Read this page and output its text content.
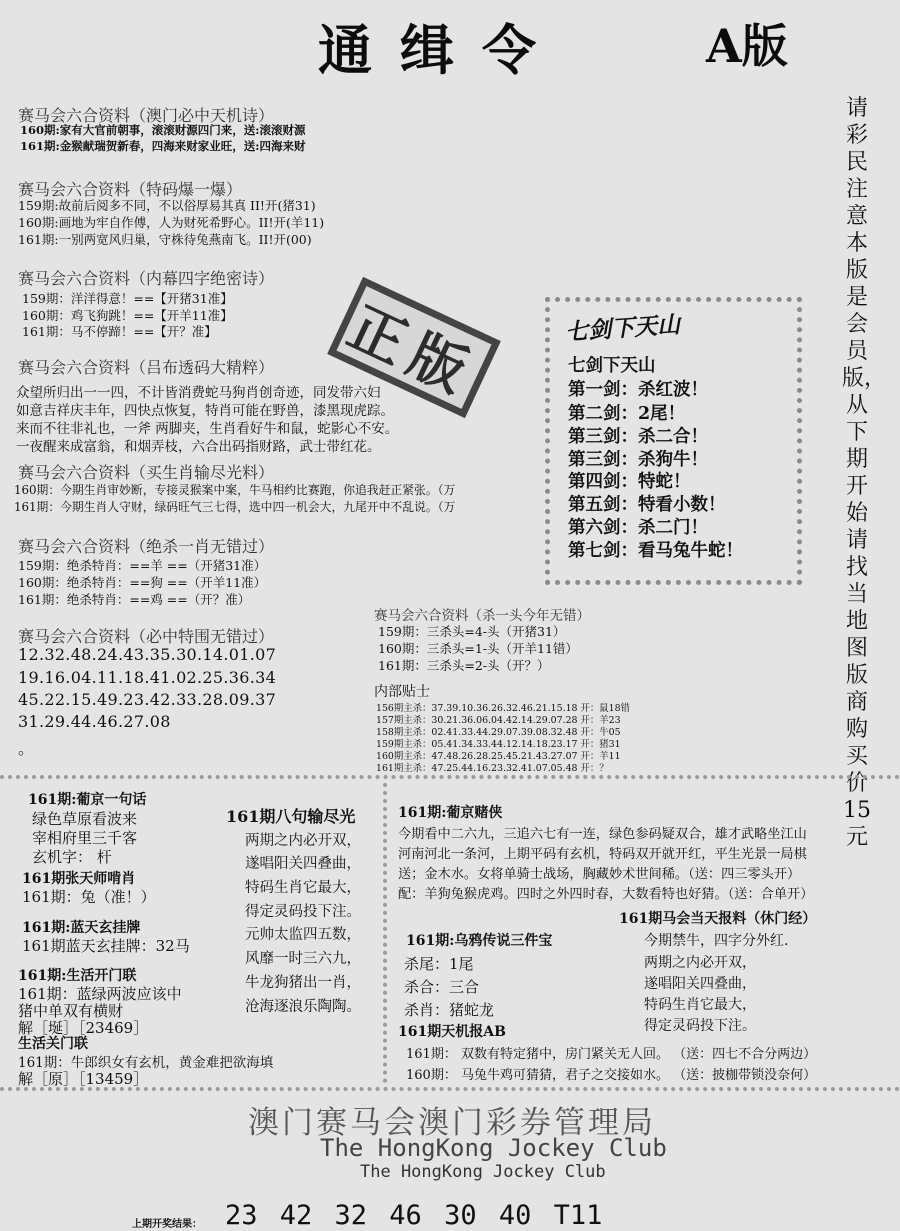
通缉令	A版
请彩民注意本版是会员版，从下期开始请找当地图版商购买价15元
赛马会六合资料（澳门必中天机诗）
160期:家有大官前朝事，滚滚财源四门来，送:滚滚财源
161期:金猴献瑞贺新春，四海来财家业旺，送:四海来财
赛马会六合资料（特码爆一爆）
159期:故前后阅多不同，不以俗厚易其真 II!开(猪31)
160期:画地为牢自作傅，人为财死希野心。II!开(羊11)
161期:一别两宽风归巢，守株待兔燕南飞。II!开(00)
赛马会六合资料（内幕四字绝密诗）
159期：洋洋得意！==【开猪31准】
160期：鸡飞狗跳！==【开羊11准】
161期：马不停蹄！==【开？准】 正版
赛马会六合资料（吕布透码大精粹）
众望所归出一一四，不计皆消费蛇马狗肖创奇迹，同发带六妇
如意吉祥庆丰年，四快点恢复，特肖可能在野兽，漆黑现虎踪。
来而不往非礼也，一斧 两脚夹，生肖看好牛和鼠，蛇影心不安。
一夜醒来成富翁，和烟弄枝，六合出码指财路，武士带红花。
赛马会六合资料（买生肖输尽光料）
160期：今期生肖审妙断，专接灵猴案中案，牛马相约比赛跑，你追我赶正紧张。（万
161期：今期生肖人守财，绿码旺气三七得，选中四一机会大，九尾开中不乱说。（万
赛马会六合资料（绝杀一肖无错过）
159期：绝杀特肖：==羊 ==（开猪31准）
160期：绝杀特肖：==狗 ==（开羊11准）
161期：绝杀特肖：==鸡 ==（开？准）
赛马会六合资料（必中特围无错过）
12.32.48.24.43.35.30.14.01.07
19.16.04.11.18.41.02.25.36.34
45.22.15.49.23.42.33.28.09.37
31.29.44.46.27.08
。
七剑下天山
七剑下天山
第一剑：杀红波！
第二剑：2尾！
第三剑：杀二合！
第三剑：杀狗牛！
第四剑：特蛇！
第五剑：特看小数！
第六剑：杀二门！
第七剑：看马兔牛蛇！
赛马会六合资料（杀一头今年无错）
159期：三杀头=4-头（开猪31）
160期：三杀头=1-头（开羊11错）
161期：三杀头=2-头（开？）
内部贴士
156期主杀：37.39.10.36.26.32.46.21.15.18 开：鼠18错
157期主杀：30.21.36.06.04.42.14.29.07.28 开：羊23
158期主杀：02.41.33.44.29.07.39.08.32.48 开：牛05
159期主杀：05.41.34.33.44.12.14.18.23.17 开：猪31
160期主杀：47.48.26.28.25.45.21.43.27.07 开：羊11
161期主杀：47.25.44.16.23.32.41.07.05.48 开：？
161期:葡京一句话
绿色草原看波来
宰相府里三千客
玄机字： 杆
161期张天师啃肖
161期：兔（准！）
161期:蓝天玄挂牌
161期蓝天玄挂牌：32马
161期:生活开门联
161期：蓝绿两波应该中
猪中单双有横财
解［埏］［23469］
生活关门联
161期：牛郎织女有玄机，黄金难把欲海填
解［原］［13459］
161期八句输尽光
两期之内必开双，
遂唱阳关四叠曲，
特码生肖它最大，
得定灵码投下注。
元帅太监四五数，
风靡一时三六九，
牛龙狗猪出一肖，
沧海逐浪乐陶陶。
161期:葡京赌侠
今期看中二六九，三追六七有一连，绿色参码疑双合，雄才武略坐江山
河南河北一条河，上期平码有玄机，特码双开就开红，平生光景一局棋
送；金木水。女将单骑士战场，胸藏妙术世间稀。（送：四三零头开）
配：羊狗兔猴虎鸡。四时之外四时春，大数看特也好猜。（送：合单开）
161期:乌鸦传说三件宝
杀尾：1尾
杀合：三合
杀肖：猪蛇龙
161期马会当天报料（休门经）
今期禁牛，四字分外红.
两期之内必开双，
遂唱阳关四叠曲，
特码生肖它最大，
得定灵码投下注。
161期天机报AB
161期： 双数有特定猪中，房门紧关无人回。 （送：四七不合分两边）
160期： 马兔牛鸡可猜猜，君子之交接如水。 （送：披枷带锁没奈何）
澳门赛马会澳门彩券管理局
The HongKong Jockey Club
The HongKong Jockey Club
上期开奖结果： 23 42 32 46 30 40 T11
